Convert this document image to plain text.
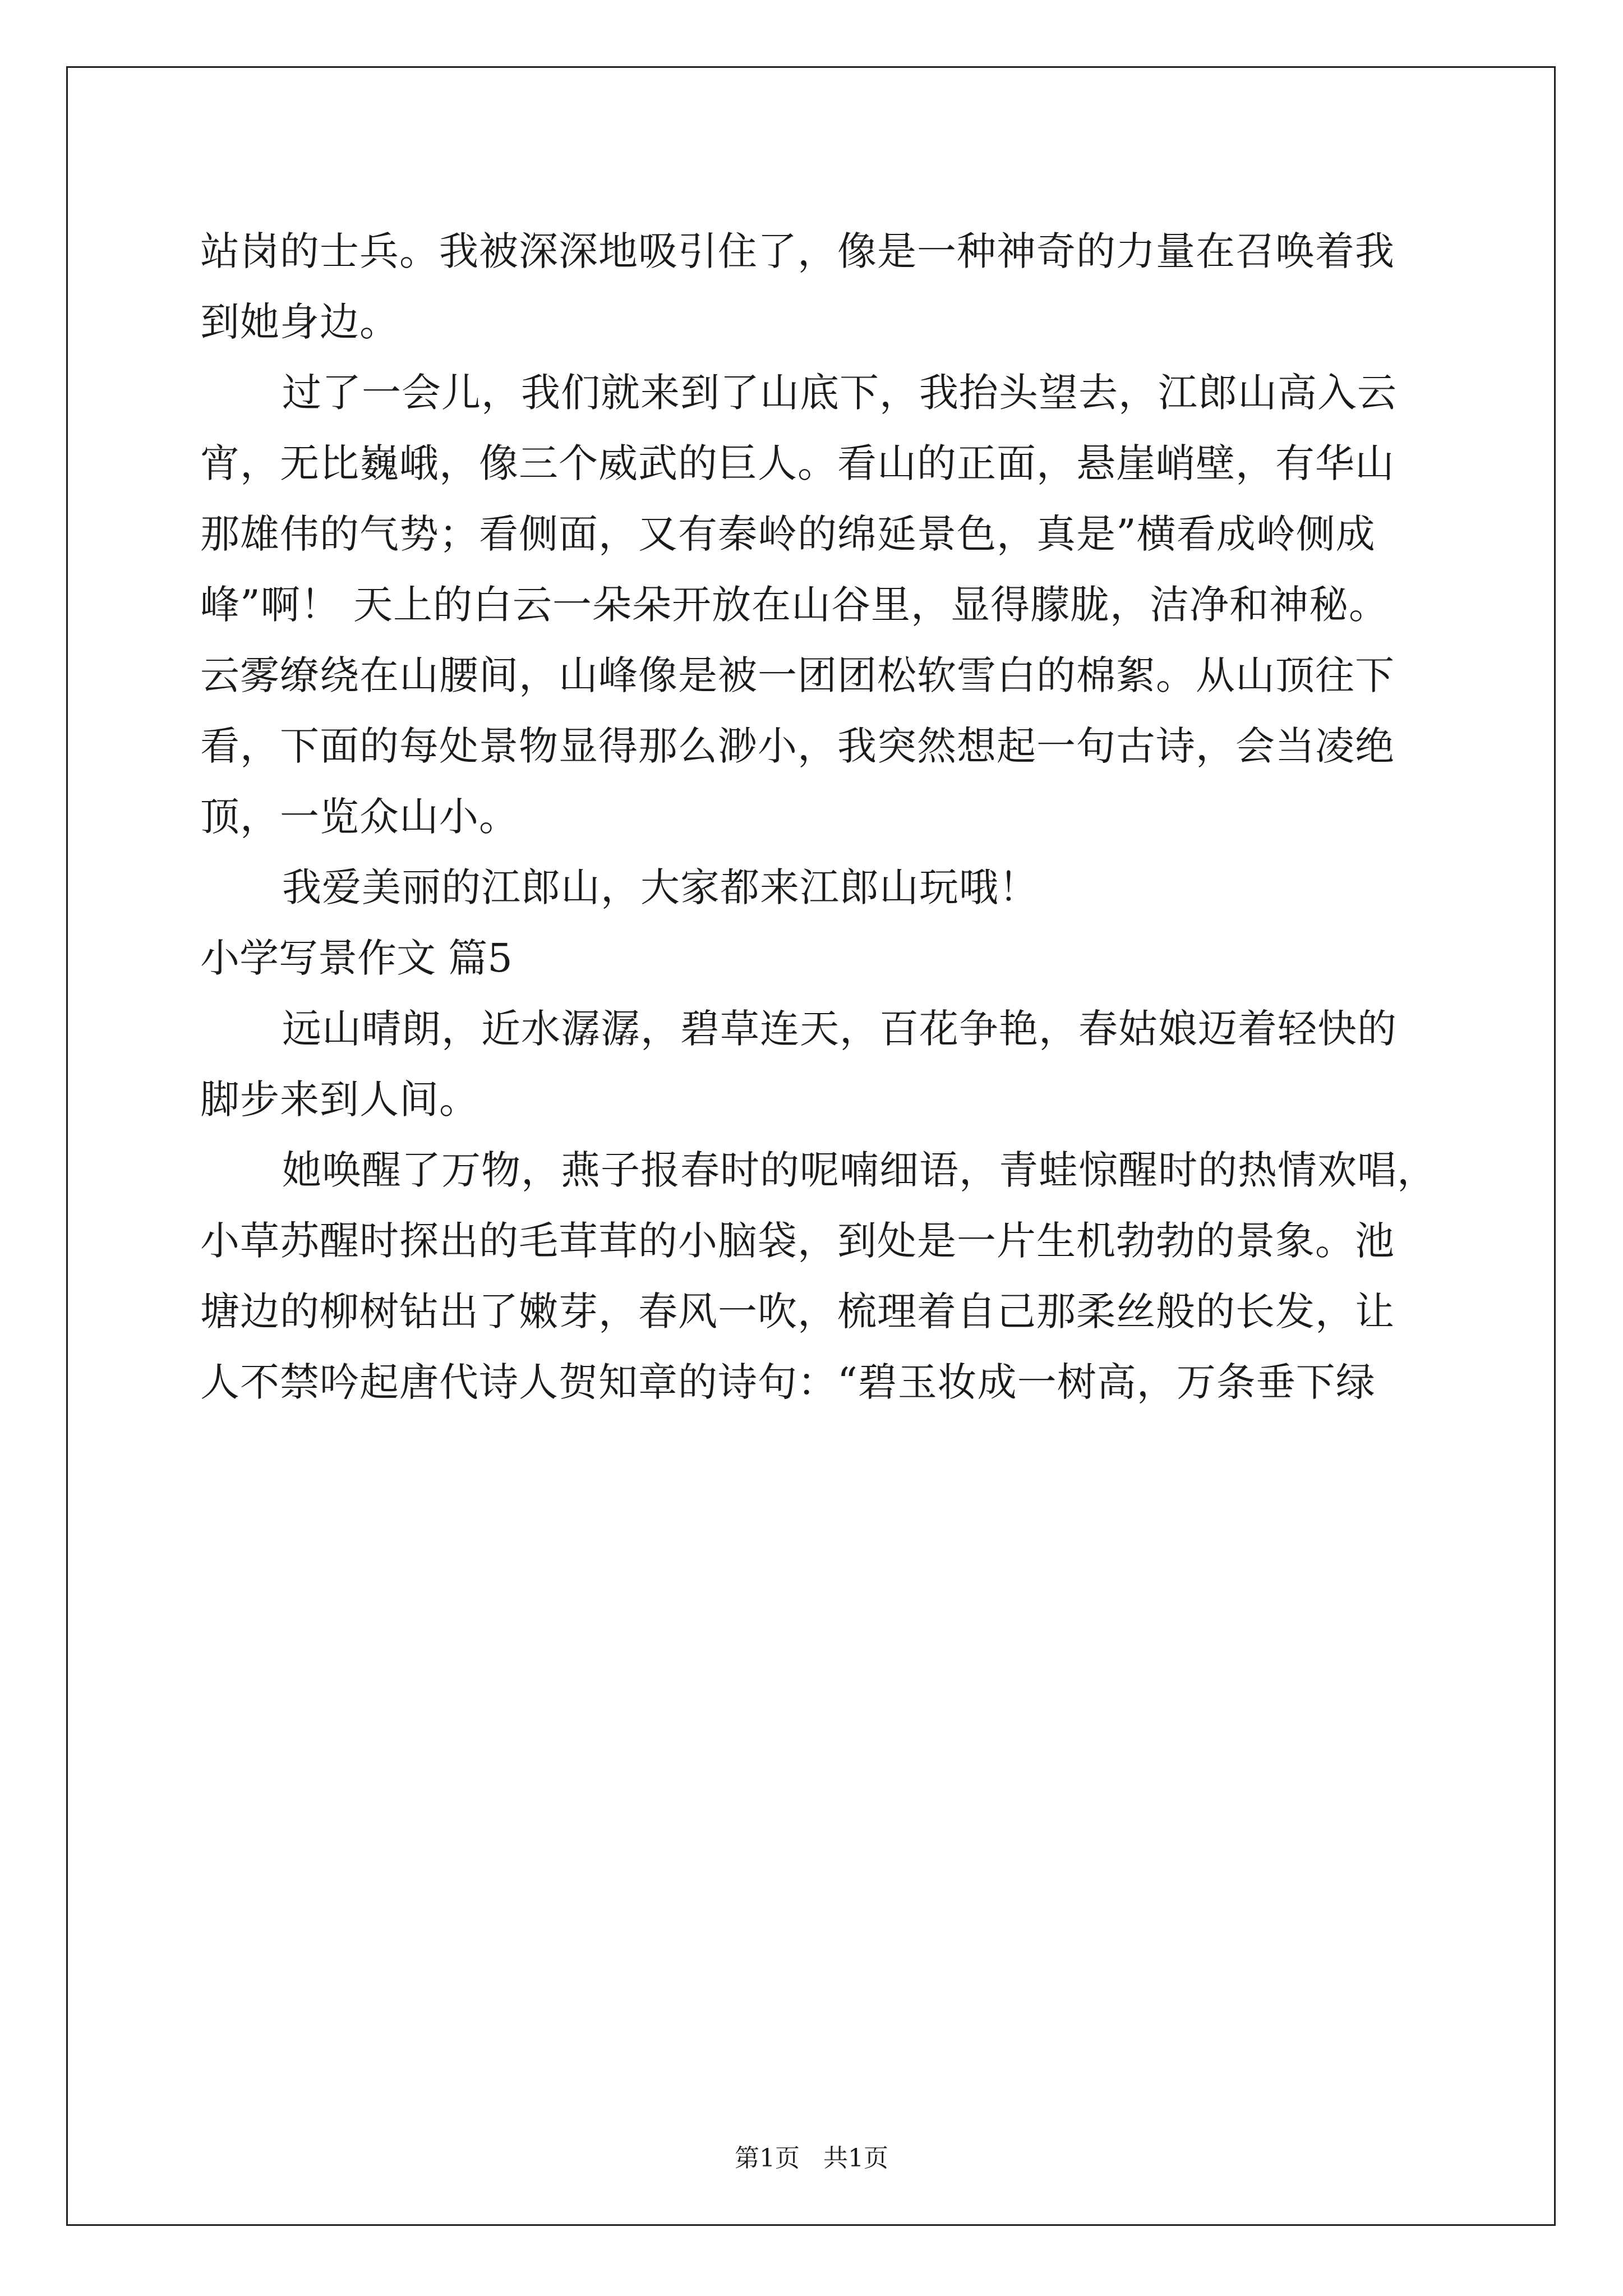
站岗的士兵。我被深深地吸引住了，像是一种神奇的力量在召唤着我
到她身边。
过了一会儿，我们就来到了山底下，我抬头望去，江郎山高入云
宵，无比巍峨，像三个威武的巨人。看山的正面，悬崖峭壁，有华山
那雄伟的气势；看侧面，又有秦岭的绵延景色，真是”横看成岭侧成
峰”啊！ 天上的白云一朵朵开放在山谷里，显得朦胧，洁净和神秘。
云雾缭绕在山腰间，山峰像是被一团团松软雪白的棉絮。从山顶往下
看，下面的每处景物显得那么渺小，我突然想起一句古诗，会当凌绝
顶，一览众山小。
我爱美丽的江郎山，大家都来江郎山玩哦！
小学写景作文 篇5
远山晴朗，近水潺潺，碧草连天，百花争艳，春姑娘迈着轻快的
脚步来到人间。
她唤醒了万物，燕子报春时的呢喃细语，青蛙惊醒时的热情欢唱，
小草苏醒时探出的毛茸茸的小脑袋，到处是一片生机勃勃的景象。池
塘边的柳树钻出了嫩芽，春风一吹，梳理着自己那柔丝般的长发，让
人不禁吟起唐代诗人贺知章的诗句：“碧玉妆成一树高，万条垂下绿
第1页   共1页
